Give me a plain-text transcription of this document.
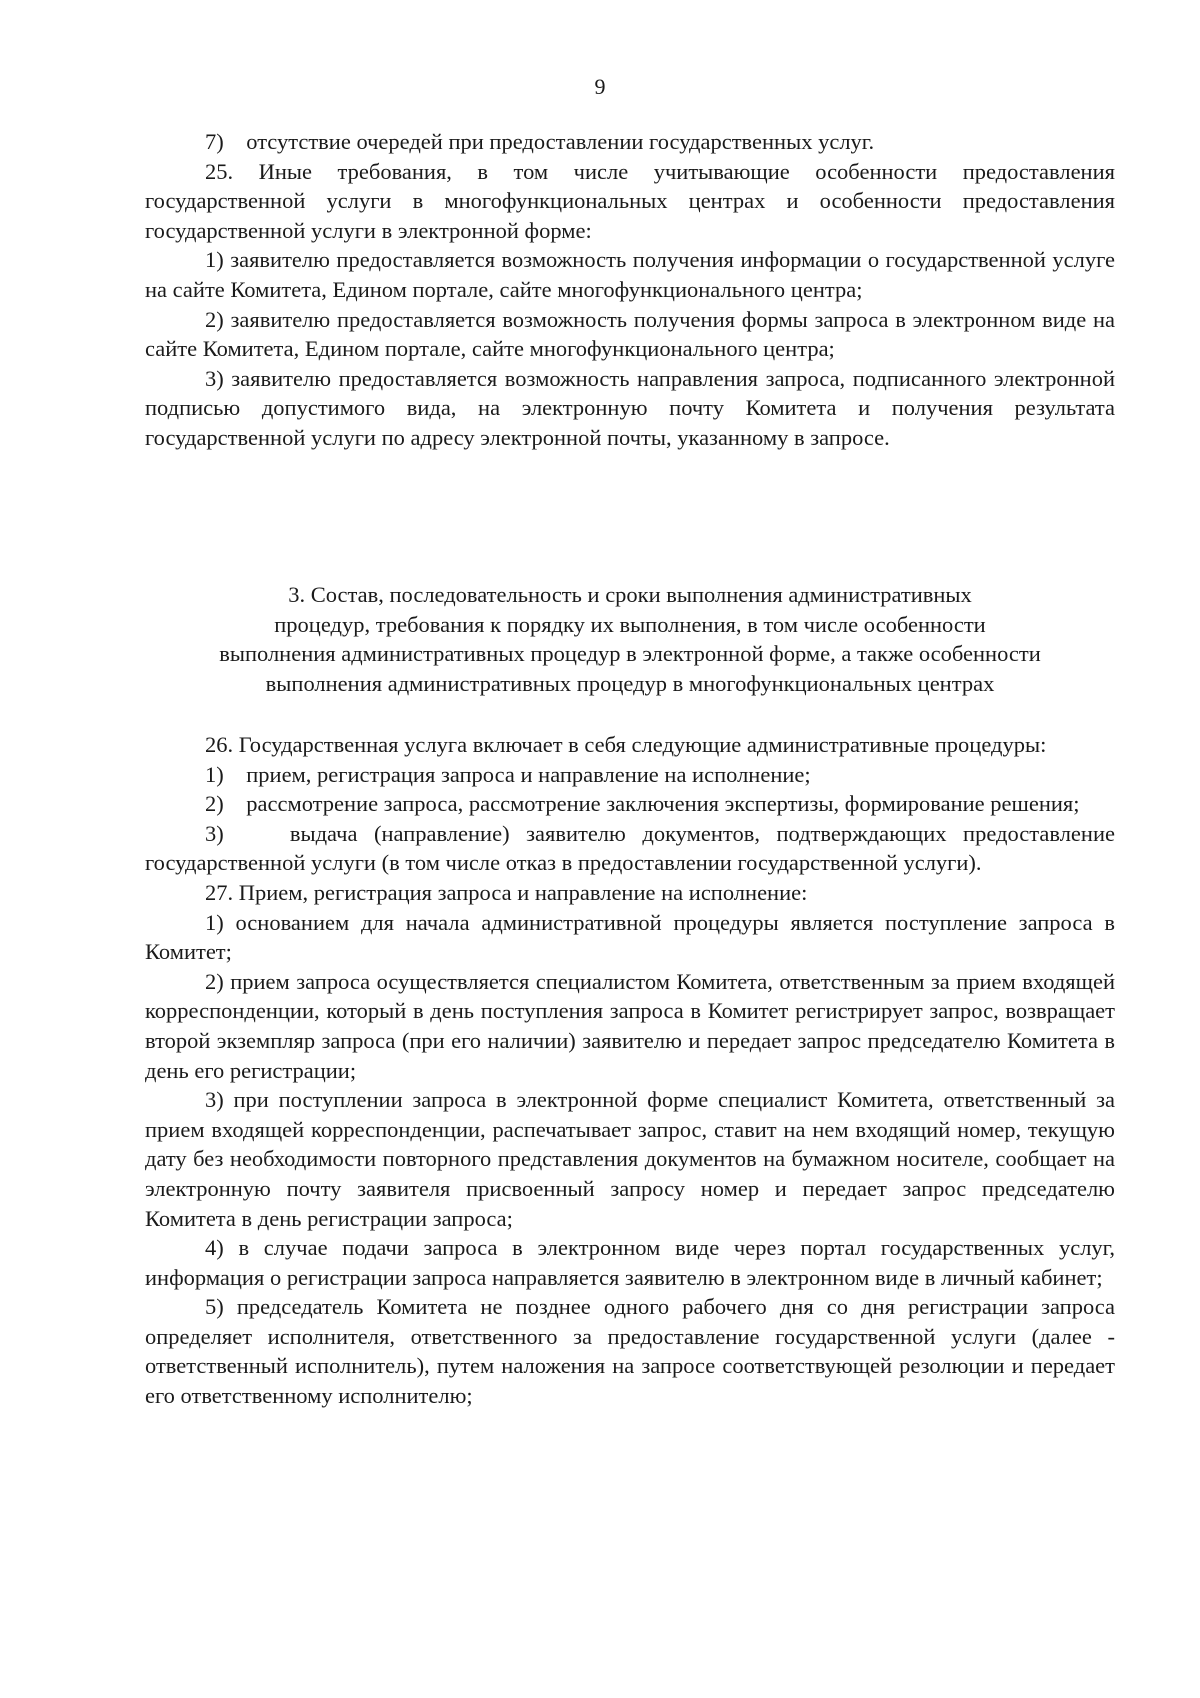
9

7)    отсутствие очередей при предоставлении государственных услуг.

25. Иные требования, в том числе учитывающие особенности предоставления государственной услуги в многофункциональных центрах и особенности предоставления государственной услуги в электронной форме:

1) заявителю предоставляется возможность получения информации о государственной услуге на сайте Комитета, Едином портале, сайте многофункционального центра;

2) заявителю предоставляется возможность получения формы запроса в электронном виде на сайте Комитета, Едином портале, сайте многофункционального центра;

3) заявителю предоставляется возможность направления запроса, подписанного электронной подписью допустимого вида, на электронную почту Комитета и получения результата государственной услуги по адресу электронной почты, указанному в запросе.

3. Состав, последовательность и сроки выполнения административных
процедур, требования к порядку их выполнения, в том числе особенности
выполнения административных процедур в электронной форме, а также особенности
выполнения административных процедур в многофункциональных центрах

26. Государственная услуга включает в себя следующие административные процедуры:

1)    прием, регистрация запроса и направление на исполнение;

2)    рассмотрение запроса, рассмотрение заключения экспертизы, формирование решения;

3)    выдача (направление) заявителю документов, подтверждающих предоставление государственной услуги (в том числе отказ в предоставлении государственной услуги).

27. Прием, регистрация запроса и направление на исполнение:

1) основанием для начала административной процедуры является поступление запроса в Комитет;

2) прием запроса осуществляется специалистом Комитета, ответственным за прием входящей корреспонденции, который в день поступления запроса в Комитет регистрирует запрос, возвращает второй экземпляр запроса (при его наличии) заявителю и передает запрос председателю Комитета в день его регистрации;

3) при поступлении запроса в электронной форме специалист Комитета, ответственный за прием входящей корреспонденции, распечатывает запрос, ставит на нем входящий номер, текущую дату без необходимости повторного представления документов на бумажном носителе, сообщает на электронную почту заявителя присвоенный запросу номер и передает запрос председателю Комитета в день регистрации запроса;

4) в случае подачи запроса в электронном виде через портал государственных услуг, информация о регистрации запроса направляется заявителю в электронном виде в личный кабинет;

5) председатель Комитета не позднее одного рабочего дня со дня регистрации запроса определяет исполнителя, ответственного за предоставление государственной услуги (далее - ответственный исполнитель), путем наложения на запросе соответствующей резолюции и передает его ответственному исполнителю;
